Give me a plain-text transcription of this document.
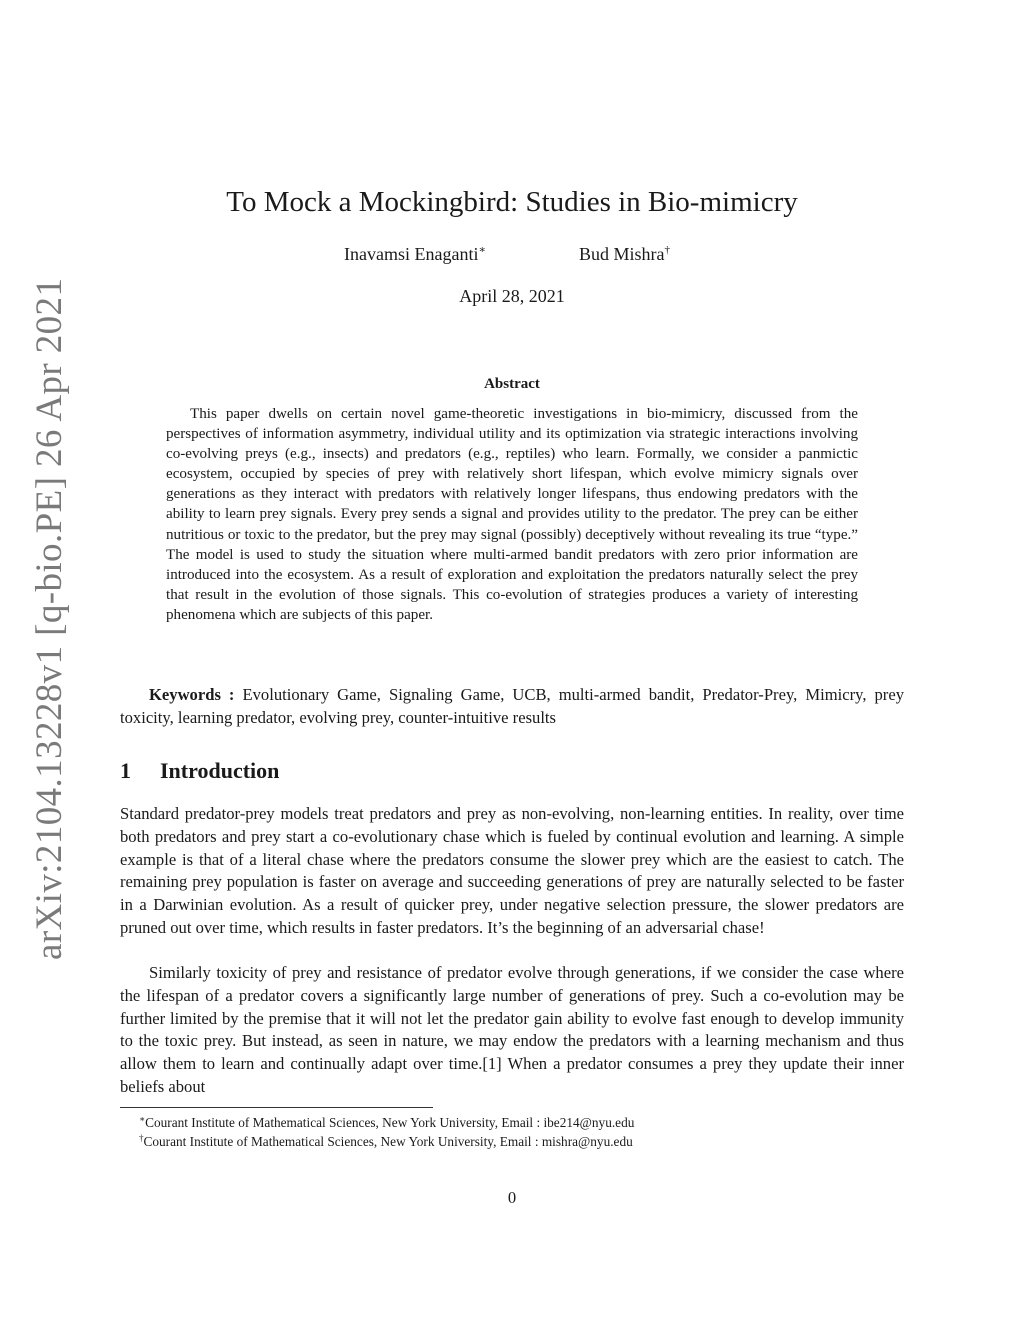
arXiv:2104.13228v1 [q-bio.PE] 26 Apr 2021
To Mock a Mockingbird: Studies in Bio-mimicry
Inavamsi Enaganti∗	Bud Mishra†
April 28, 2021
Abstract

This paper dwells on certain novel game-theoretic investigations in bio-mimicry, discussed from the perspectives of information asymmetry, individual utility and its optimization via strategic interactions involving co-evolving preys (e.g., insects) and predators (e.g., reptiles) who learn. Formally, we consider a panmictic ecosystem, occupied by species of prey with relatively short lifespan, which evolve mimicry signals over generations as they interact with predators with relatively longer lifespans, thus endowing predators with the ability to learn prey signals. Every prey sends a signal and provides utility to the predator. The prey can be either nutritious or toxic to the predator, but the prey may signal (possibly) deceptively without revealing its true “type.” The model is used to study the situation where multi-armed bandit predators with zero prior information are introduced into the ecosystem. As a result of exploration and exploitation the predators naturally select the prey that result in the evolution of those signals. This co-evolution of strategies produces a variety of interesting phenomena which are subjects of this paper.

Keywords : Evolutionary Game, Signaling Game, UCB, multi-armed bandit, Predator-Prey, Mimicry, prey toxicity, learning predator, evolving prey, counter-intuitive results

1 Introduction

Standard predator-prey models treat predators and prey as non-evolving, non-learning entities. In reality, over time both predators and prey start a co-evolutionary chase which is fueled by continual evolution and learning. A simple example is that of a literal chase where the predators consume the slower prey which are the easiest to catch. The remaining prey population is faster on average and succeeding generations of prey are naturally selected to be faster in a Darwinian evolution. As a result of quicker prey, under negative selection pressure, the slower predators are pruned out over time, which results in faster predators. It’s the beginning of an adversarial chase!

Similarly toxicity of prey and resistance of predator evolve through generations, if we consider the case where the lifespan of a predator covers a significantly large number of generations of prey. Such a co-evolution may be further limited by the premise that it will not let the predator gain ability to evolve fast enough to develop immunity to the toxic prey. But instead, as seen in nature, we may endow the predators with a learning mechanism and thus allow them to learn and continually adapt over time.[1] When a predator consumes a prey they update their inner beliefs about

∗Courant Institute of Mathematical Sciences, New York University, Email : ibe214@nyu.edu
†Courant Institute of Mathematical Sciences, New York University, Email : mishra@nyu.edu
0
